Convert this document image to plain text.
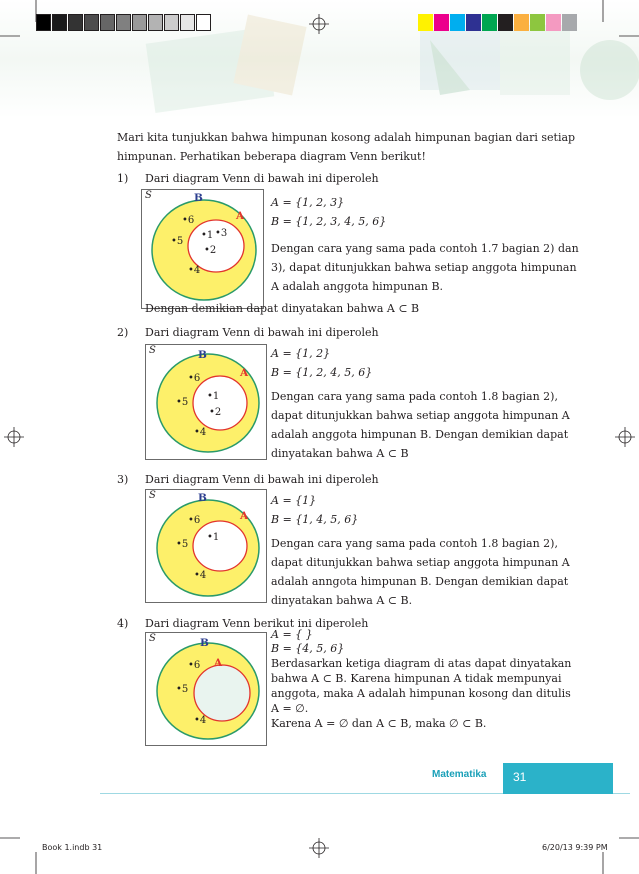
Mari kita tunjukkan bahwa himpunan kosong adalah himpunan bagian dari setiap
himpunan. Perhatikan beberapa diagram Venn berikut!
1) Dari diagram Venn di bawah ini diperoleh
S	B
A
•6
•5
•4
•1 •3
•2
A = {1, 2, 3}
B = {1, 2, 3, 4, 5, 6}
Dengan cara yang sama pada contoh 1.7 bagian 2) dan
3), dapat ditunjukkan bahwa setiap anggota himpunan
A adalah anggota himpunan B.
Dengan demikian dapat dinyatakan bahwa A ⊂ B
2) Dari diagram Venn di bawah ini diperoleh
S	B
A
•6
•5
•4
•1
•2
A = {1, 2}
B = {1, 2, 4, 5, 6}
Dengan cara yang sama pada contoh 1.8 bagian 2),
dapat ditunjukkan bahwa setiap anggota himpunan A
adalah anggota himpunan B. Dengan demikian dapat
dinyatakan bahwa A ⊂ B
3) Dari diagram Venn di bawah ini diperoleh
S	B
A
•6
•5
•4
•1
A = {1}
B = {1, 4, 5, 6}
Dengan cara yang sama pada contoh 1.8 bagian 2),
dapat ditunjukkan bahwa setiap anggota himpunan A
adalah anngota himpunan B. Dengan demikian dapat
dinyatakan bahwa A ⊂ B.
4) Dari diagram Venn berikut ini diperoleh
S	B
A
•6
•5
•4
A = { }
B = {4, 5, 6}
Berdasarkan ketiga diagram di atas dapat dinyatakan
bahwa A ⊂ B. Karena himpunan A tidak mempunyai
anggota, maka A adalah himpunan kosong dan ditulis
A = ∅.
Karena A = ∅ dan A ⊂ B, maka ∅ ⊂ B.
Matematika 31
Book 1.indb 31	6/20/13 9:39 PM
